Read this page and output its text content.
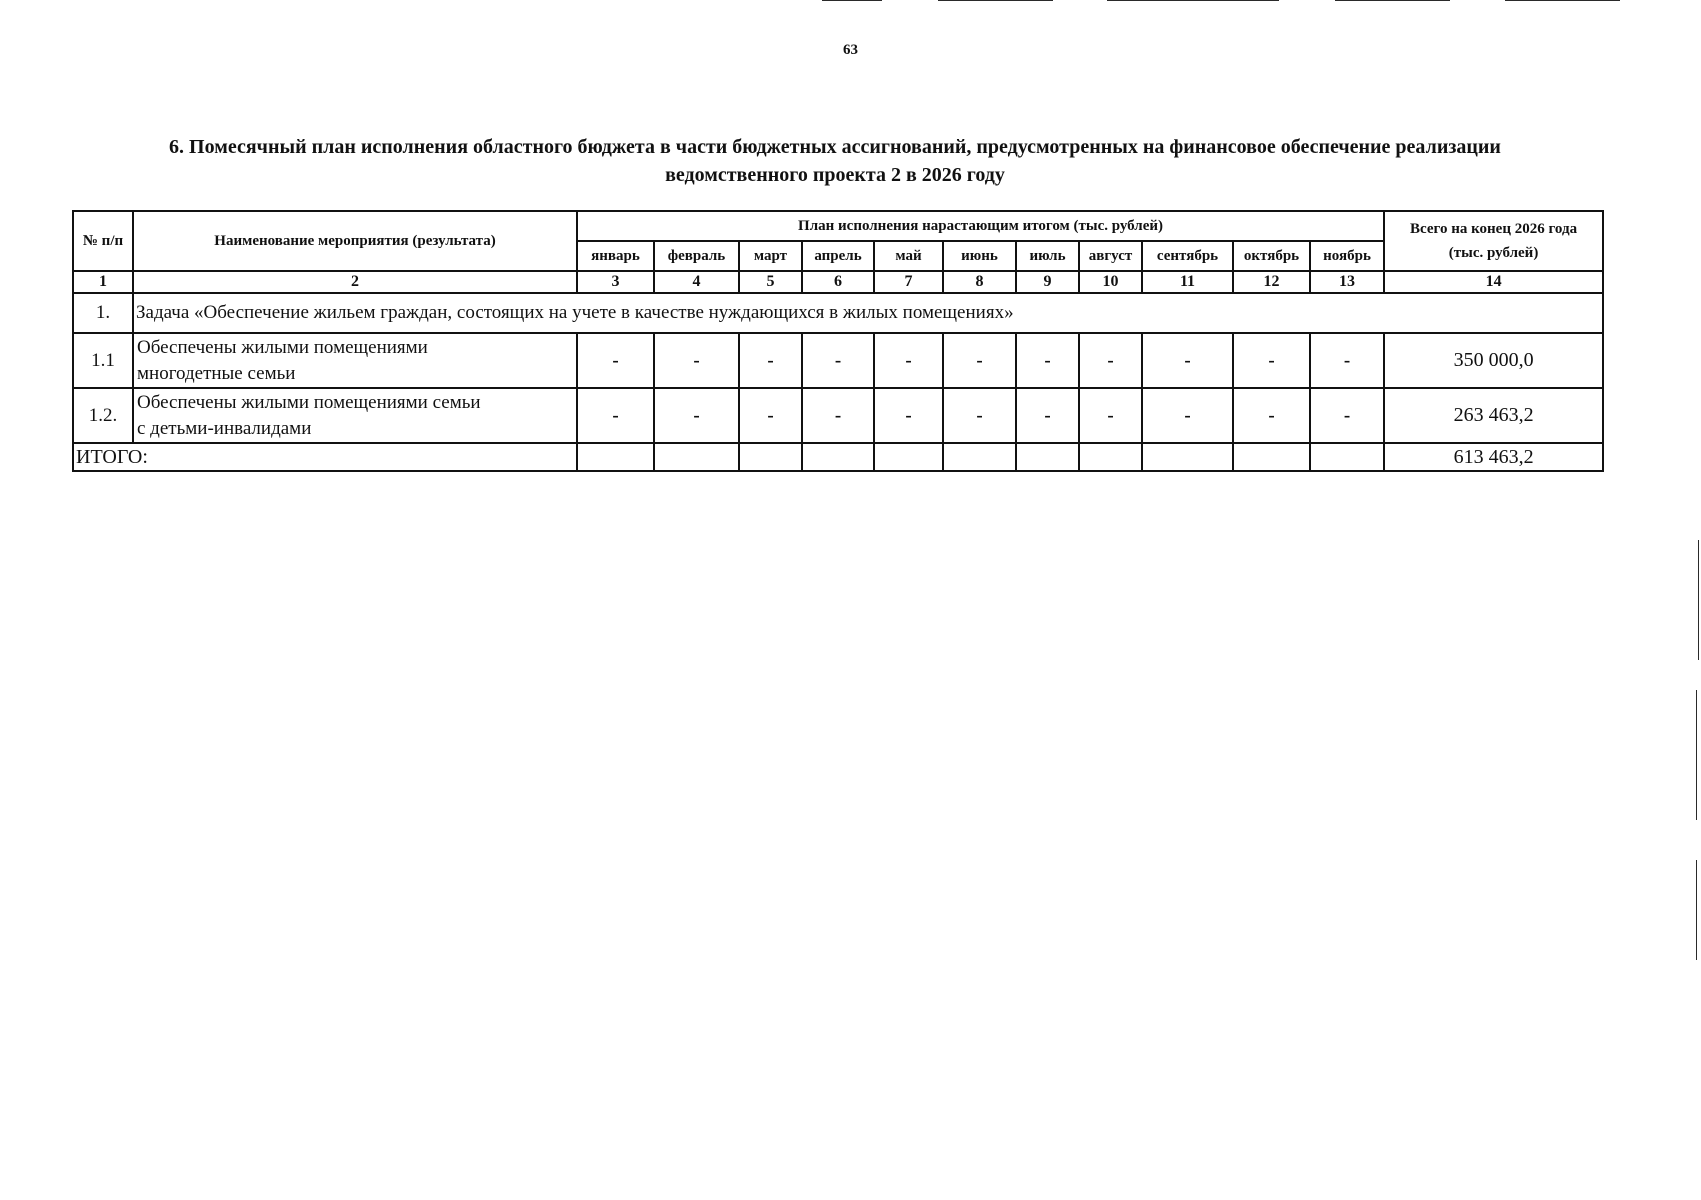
63
6. Помесячный план исполнения областного бюджета в части бюджетных ассигнований, предусмотренных на финансовое обеспечение реализации
ведомственного проекта 2 в 2026 году
№ п/п	Наименование мероприятия (результата)	План исполнения нарастающим итогом (тыс. рублей)											Всего на конец 2026 года
(тыс. рублей)

		январь	февраль	март	апрель	май	июнь	июль	август	сентябрь	октябрь	ноябрь	
1	2	3	4	5	6	7	8	9	10	11	12	13	14
1.	Задача «Обеспечение жильем граждан, состоящих на учете в качестве нуждающихся в жилых помещениях»												
1.1	Обеспечены жилыми помещениями
многодетные семьи	-	-	-	-	-	-	-	-	-	-	-	350 000,0
1.2.	Обеспечены жилыми помещениями семьи
с детьми-инвалидами	-	-	-	-	-	-	-	-	-	-	-	263 463,2
ИТОГО:													613 463,2
